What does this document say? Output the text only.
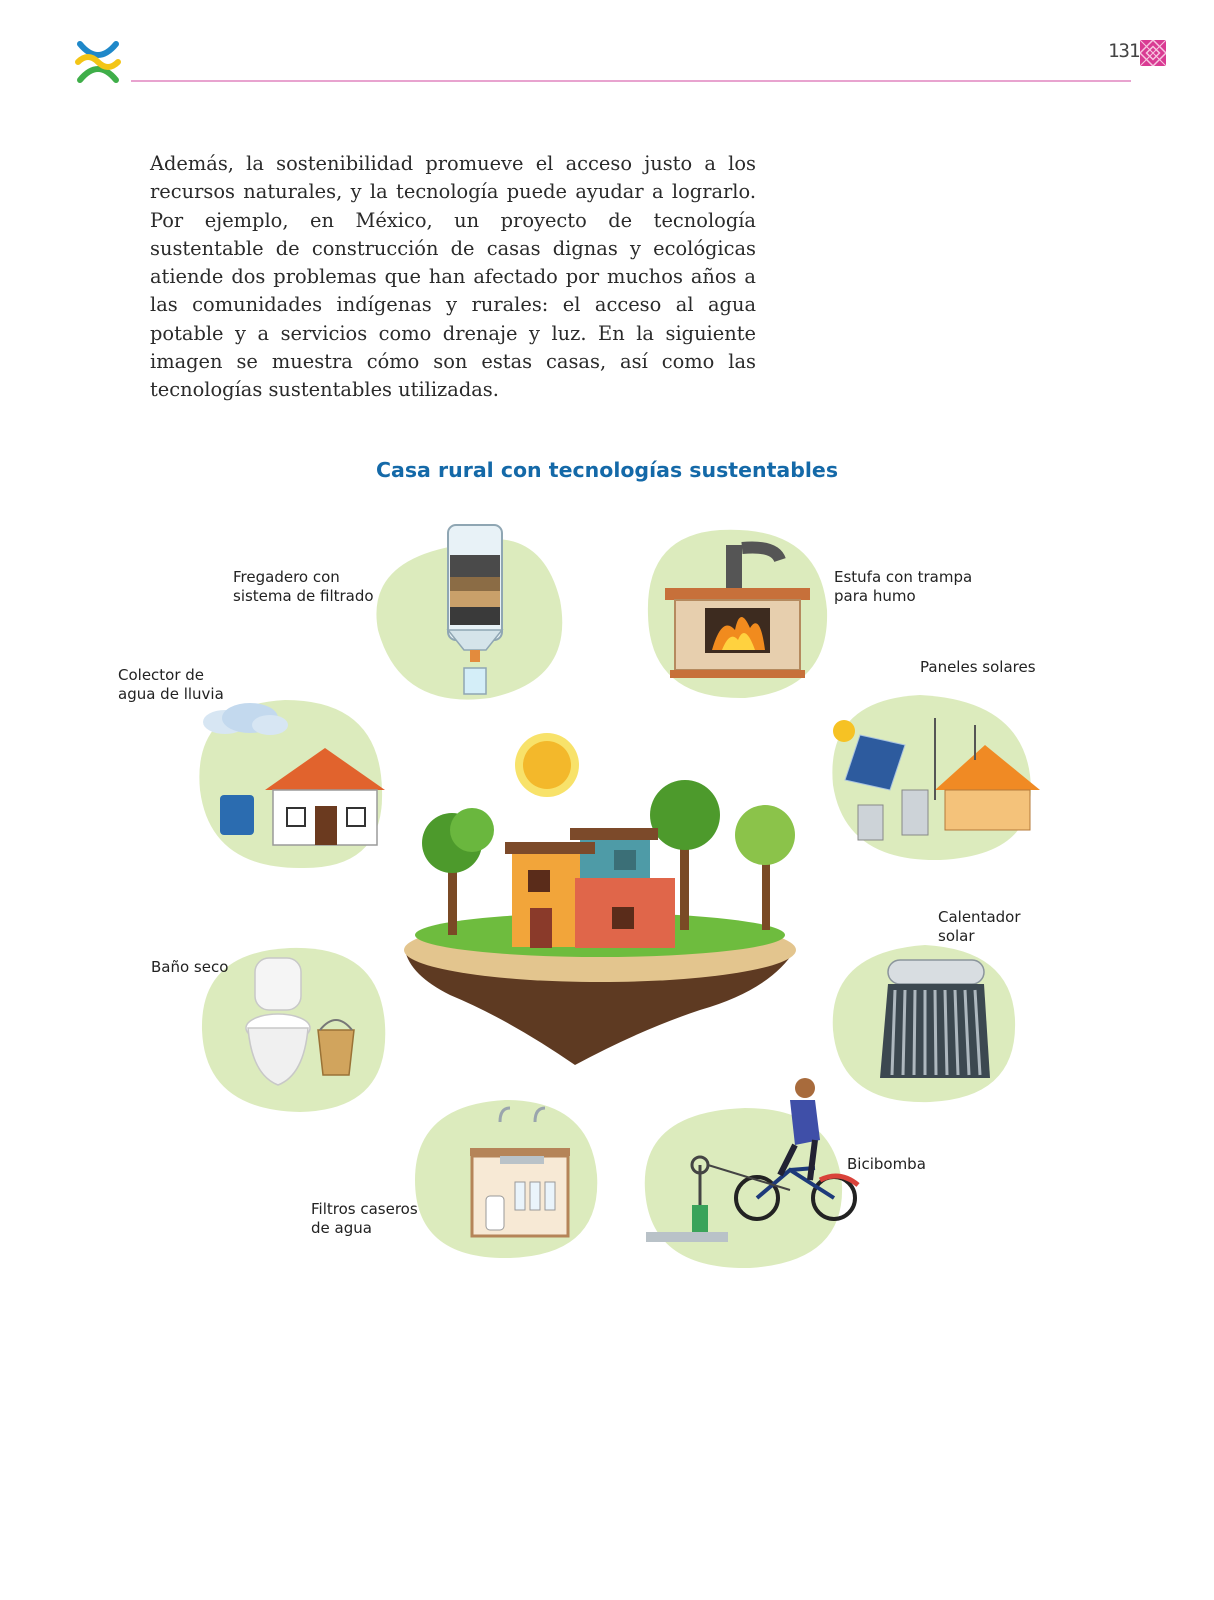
131

Además, la sostenibilidad promueve el acceso justo a los recursos naturales, y la tecnología puede ayudar a lograrlo. Por ejemplo, en México, un proyecto de tecnología sustentable de construcción de casas dignas y ecológicas atiende dos problemas que han afectado por muchos años a las comunidades indígenas y rurales: el acceso al agua potable y a servicios como drenaje y luz. En la siguiente imagen se muestra cómo son estas casas, así como las tecnologías sustentables utilizadas.

Casa rural con tecnologías sustentables
Fregadero con
sistema de filtrado
Estufa con trampa
para humo
Colector de
agua de lluvia
Paneles solares
Calentador
solar
Baño seco
Bicibomba
Filtros caseros
de agua
